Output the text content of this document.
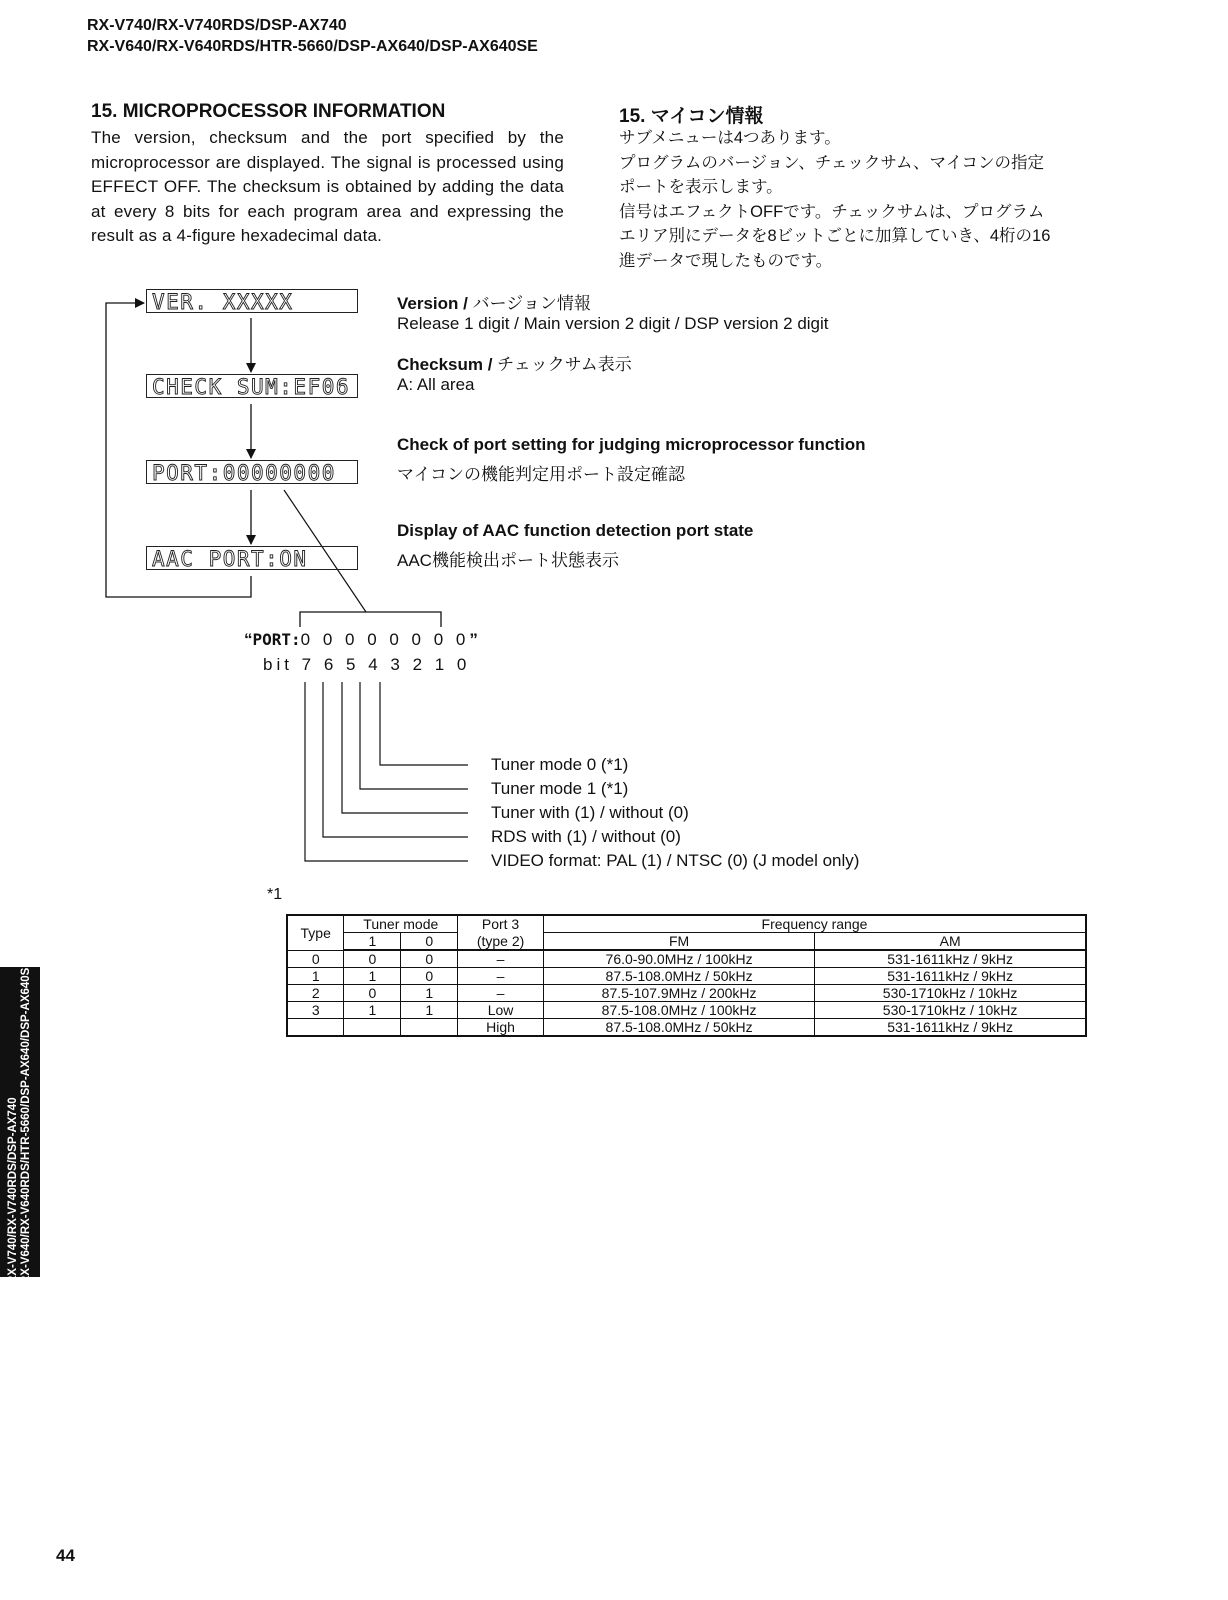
RX-V740/RX-V740RDS/DSP-AX740
RX-V640/RX-V640RDS/HTR-5660/DSP-AX640/DSP-AX640SE
15. MICROPROCESSOR INFORMATION
The version, checksum and the port specified by the microprocessor are displayed. The signal is processed using EFFECT OFF. The checksum is obtained by adding the data at every 8 bits for each program area and expressing the result as a 4-figure hexadecimal data.
15. マイコン情報
サブメニューは4つあります。
プログラムのバージョン、チェックサム、マイコンの指定
ポートを表示します。
信号はエフェクトOFFです。チェックサムは、プログラム
エリア別にデータを8ビットごとに加算していき、4桁の16
進データで現したものです。
VER. XXXXX
CHECK SUM:EF06
PORT:00000000
AAC PORT:ON
Version / バージョン情報
Release 1 digit / Main version 2 digit / DSP version 2 digit
Checksum / チェックサム表示
A: All area
Check of port setting for judging microprocessor function
マイコンの機能判定用ポート設定確認
Display of AAC function detection port state
AAC機能検出ポート状態表示
“PORT:0 0 0 0 0 0 0 0”
bit 7 6 5 4 3 2 1 0
Tuner mode 0 (*1)
Tuner mode 1 (*1)
Tuner with (1) / without (0)
RDS with (1) / without (0)
VIDEO format: PAL (1) / NTSC (0) (J model only)
*1
Type	Tuner mode		Port 3	Frequency range	
	1	0	(type 2)	FM	AM
0	0	0	–	76.0-90.0MHz / 100kHz	531-1611kHz / 9kHz
1	1	0	–	87.5-108.0MHz / 50kHz	531-1611kHz / 9kHz
2	0	1	–	87.5-107.9MHz / 200kHz	530-1710kHz / 10kHz
3	1	1	Low	87.5-108.0MHz / 100kHz	530-1710kHz / 10kHz
			High	87.5-108.0MHz / 50kHz	531-1611kHz / 9kHz
RX-V740/RX-V740RDS/DSP-AX740 RX-V640/RX-V640RDS/HTR-5660/DSP-AX640/DSP-AX640SE
44
